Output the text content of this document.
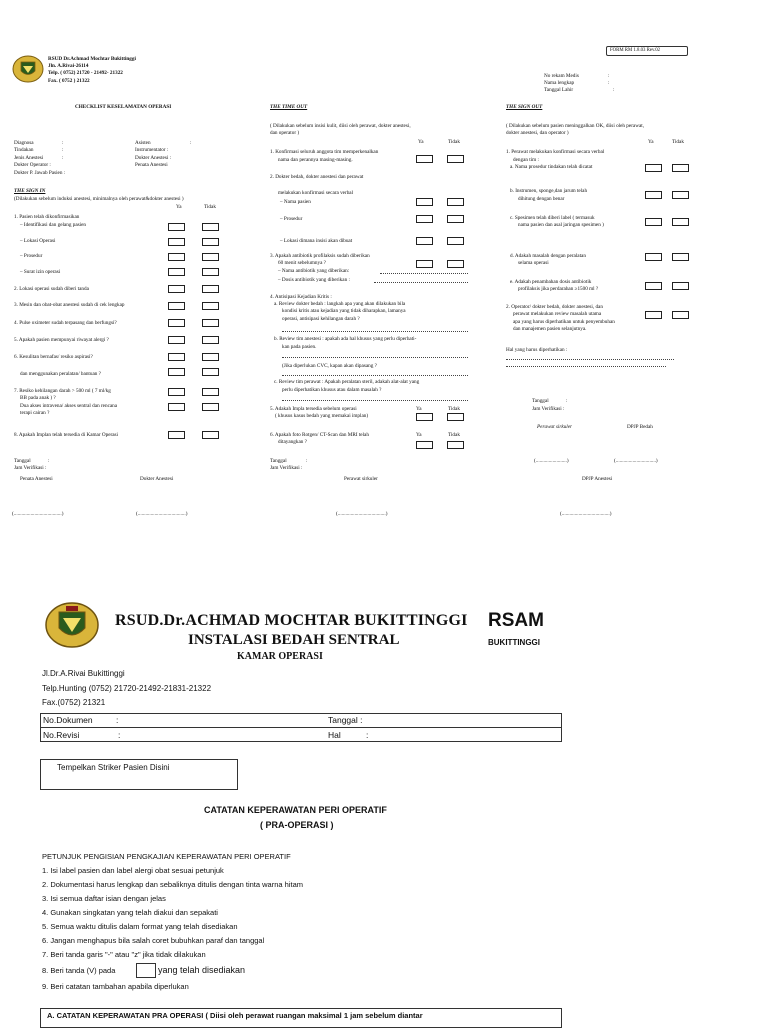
RSUD Dr.Achmad Mochtar Bukittinggi
Jln. A.Rivai-26114
Telp. ( 0752) 21720 - 21492- 21322
Fax. ( 0752 ) 21322
FORM RM 1.8.03 Rev.02
No rekam Medis	:
Nama lengkap	:
Tanggal Lahir	:
CHECKLIST KESELAMATAN OPERASI
Diagnosa	:
Tindakan	:
Jenis Anestesi	:
Dokter Operator :
Dokter P. Jawab Pasien :
Asisten	:
Instrumentator :
Dokter Anestesi :
Penata Anestesi
THE SIGN IN
(Dilakukan sebelum induksi anestesi, minimalnya oleh perawat&dokter anestesi )
Ya	Tidak
1. Pasien telah dikonfirmasikan
– Identifikasi dan gelang pasien
– Lokasi Operasi
– Prosedur
– Surat izin operasi
2. Lokasi operasi sudah diberi tanda
3. Mesin dan obat-obat anestesi sudah di cek lengkap
4. Pulse oximeter sudah terpasang dan berfungsi?
5. Apakah pasien mempunyai riwayat alergi ?
6. Kesulitan bernafas/ resiko aspirasi?
dan menggunakan peralatan/ bantuan ?
7. Resiko kehilangan darah > 500 ml ( 7 ml/kg
BB pada anak ) ?
Dua akses intravena/ akses sentral dan rencana
terapi cairan ?
8. Apakah Implan telah tersedia di Kamar Operasi
Tanggal	:
Jam Verifikasi :
Penata Anestesi	Dokter Anestesi
(.....................................)	(.....................................)
THE TIME OUT
( Dilakukan sebelum insisi kulit, diisi oleh perawat, dokter anestesi,
dan operator )
Ya	Tidak
1. Konfirmasi seluruh anggota tim memperkenalkan
nama dan perannya masing-masing.
2. Dokter bedah, dokter anestesi dan perawat
melakukan konfirmasi secara verbal
– Nama pasien
– Prosedur
– Lokasi dimana insisi akan dibuat
3. Apakah antibiotik profilaksis sudah diberikan
60 menit sebelumnya ?
– Nama antibiotik yang diberikan:
– Dosis antibiotik yang diberikan :
4. Antisipasi Kejadian Kritis :
a. Review dokter bedah : langkah apa yang akan dilakukan bila
kondisi kritis atau kejadian yang tidak diharapkan, lamanya
operasi, antisipasi kehilangan darah ?
b. Review tim anestesi : apakah ada hal khusus yang perlu diperhati-
kan pada pasien.
(Jika diperlukan CVC, kapan akan dipasang ?
c. Review tim perawat : Apakah peralatan steril, adakah alat-alat yang
perlu diperhatikan khusus atau dalam masalah ?
5. Adakah Impla tersedia sebelum operasi
( khusus kasus bedah yang memakai implan)
Ya	Tidak
6. Apakah foto Rotgen/ CT-Scan dan MRI telah
ditayangkan ?
Ya	Tidak
Tanggal	:
Jam Verifikasi :
Perawat sirkuler
(.....................................)
THE SIGN OUT
( Dilakukan sebelum pasien meninggalkan OK, diisi oleh perawat,
dokter anestesi, dan operator )
Ya	Tidak
1. Perawat melakukan konfirmasi secara verbal
dengan tim :
a. Nama prosedur tindakan telah dicatat
b. Instrumen, sponge,dan jarum telah
dihitung dengan benar
c. Spesimen telah diberi label ( termasuk
nama pasien dan asal jaringan spesimen )
d. Adakah masalah dengan peralatan
selama operasi
e. Adakah penambahan dosis antibiotik
profilaksis jika perdarahan ≥1500 ml ?
2. Operator/ dokter bedah, dokter anestesi, dan
perawat melakukan review masalah utama
apa yang harus diperhatikan untuk penyembuhan
dan manajemen pasien selanjutnya.
Hal yang harus diperhatikan :
Tanggal	:
Jam Verifikasi :
Perawat sirkuler	DPJP Bedah
(........................)	(...............................)
DPJP Anestesi
(.....................................)
RSUD.Dr.ACHMAD MOCHTAR BUKITTINGGI
INSTALASI BEDAH SENTRAL
KAMAR OPERASI
RSAM
BUKITTINGGI
Jl.Dr.A.Rivai Bukittinggi
Telp.Hunting (0752) 21720-21492-21831-21322
Fax.(0752) 21321
No.Dokumen	:	Tanggal :
No.Revisi	:	Hal	:
Tempelkan Striker Pasien Disini
CATATAN KEPERAWATAN PERI OPERATIF
( PRA-OPERASI )
PETUNJUK PENGISIAN PENGKAJIAN KEPERAWATAN PERI OPERATIF
1. Isi label pasien dan label alergi obat sesuai petunjuk
2. Dokumentasi harus lengkap dan sebaliknya ditulis dengan tinta warna hitam
3. Isi semua daftar isian dengan jelas
4. Gunakan singkatan yang telah diakui dan sepakati
5. Semua waktu ditulis dalam format yang telah disediakan
6. Jangan menghapus bila salah coret bubuhkan paraf dan tanggal
7. Beri tanda garis "-" atau "z" jika tidak dilakukan
8. Beri tanda (V) pada	yang telah disediakan
9. Beri catatan tambahan apabila diperlukan
A. CATATAN KEPERAWATAN PRA OPERASI ( Diisi oleh perawat ruangan maksimal 1 jam sebelum diantar
